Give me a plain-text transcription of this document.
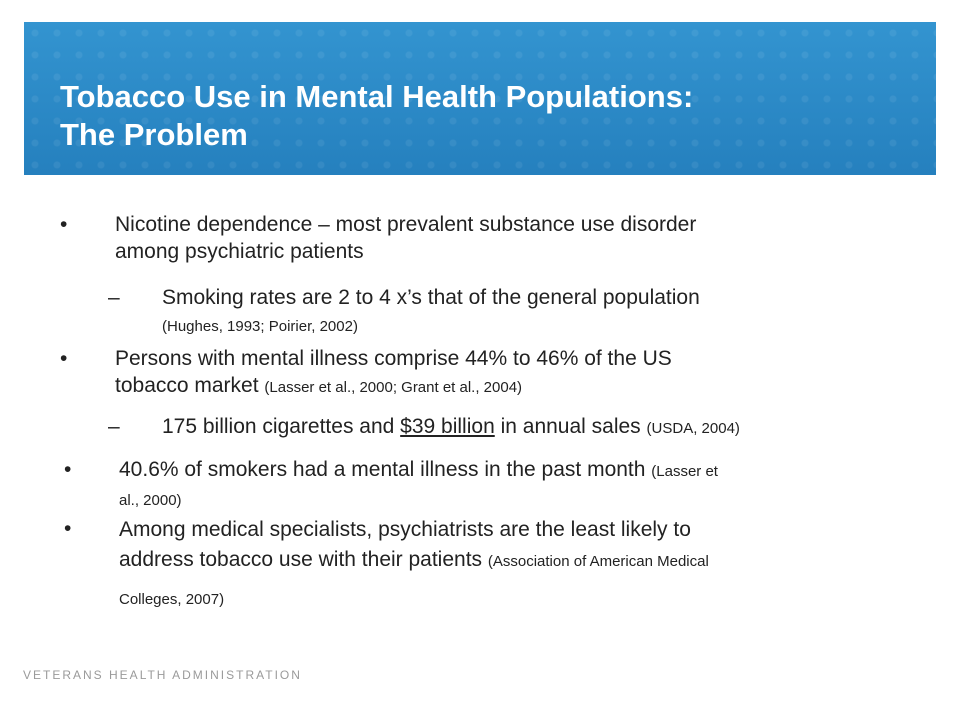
Tobacco Use in Mental Health Populations:
The Problem
• Nicotine dependence – most prevalent substance use disorder
among psychiatric patients
– Smoking rates are 2 to 4 x’s that of the general population
(Hughes, 1993; Poirier, 2002)
• Persons with mental illness comprise 44% to 46% of the US
tobacco market (Lasser et al., 2000; Grant et al., 2004)
– 175 billion cigarettes and $39 billion in annual sales (USDA, 2004)
• 40.6% of smokers had a mental illness in the past month (Lasser et
al., 2000)
• Among medical specialists, psychiatrists are the least likely to
address tobacco use with their patients (Association of American Medical
Colleges, 2007)
VETERANS HEALTH ADMINISTRATION
